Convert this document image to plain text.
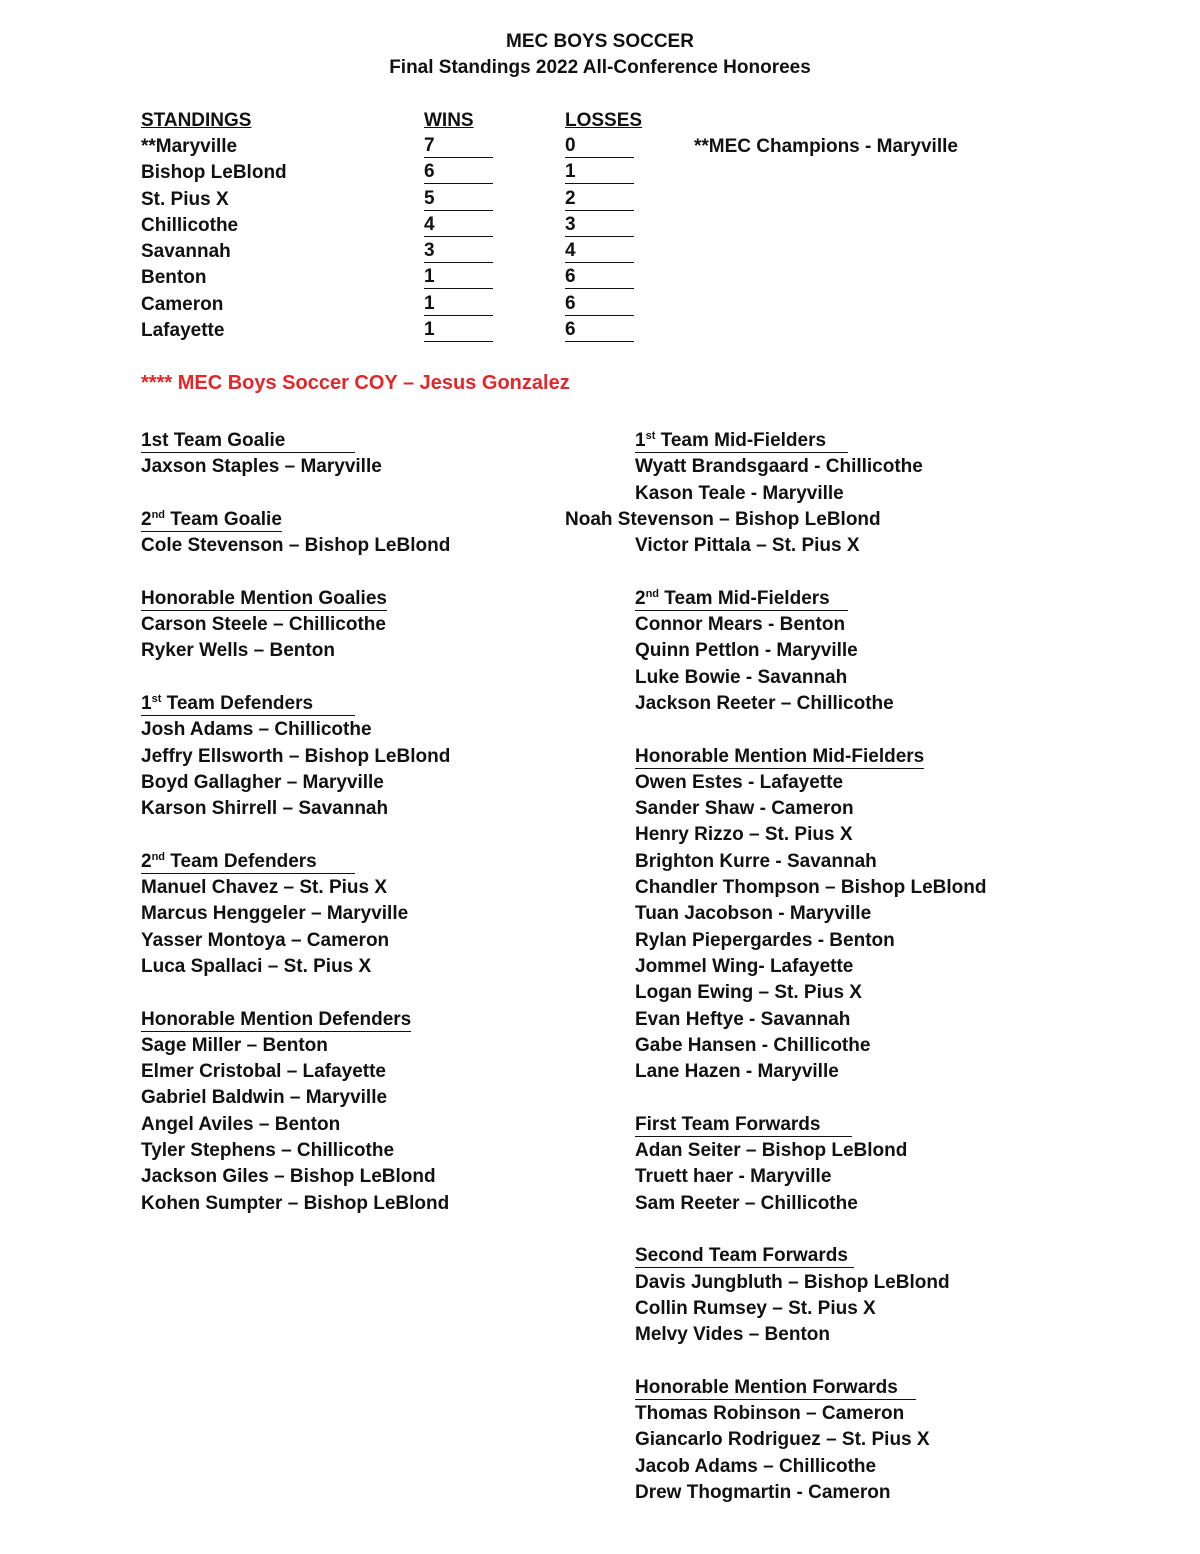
MEC BOYS SOCCER
Final Standings 2022 All-Conference Honorees
STANDINGS	WINS	LOSSES
**MEC Champions - Maryville
**Maryville	7	0
Bishop LeBlond	6	1
St. Pius X	5	2
Chillicothe	4	3
Savannah	3	4
Benton	1	6
Cameron	1	6
Lafayette	1	6
**** MEC Boys Soccer COY – Jesus Gonzalez
1st Team Goalie
Jaxson Staples – Maryville
2nd Team Goalie
Cole Stevenson – Bishop LeBlond
Honorable Mention Goalies
Carson Steele – Chillicothe
Ryker Wells – Benton
1st Team Defenders
Josh Adams – Chillicothe
Jeffry Ellsworth – Bishop LeBlond
Boyd Gallagher – Maryville
Karson Shirrell – Savannah
2nd Team Defenders
Manuel Chavez – St. Pius X
Marcus Henggeler – Maryville
Yasser Montoya – Cameron
Luca Spallaci – St. Pius X
Honorable Mention Defenders
Sage Miller – Benton
Elmer Cristobal – Lafayette
Gabriel Baldwin – Maryville
Angel Aviles – Benton
Tyler Stephens – Chillicothe
Jackson Giles – Bishop LeBlond
Kohen Sumpter – Bishop LeBlond
1st Team Mid-Fielders
Wyatt Brandsgaard - Chillicothe
Kason Teale - Maryville
Noah Stevenson – Bishop LeBlond
Victor Pittala – St. Pius X
2nd Team Mid-Fielders
Connor Mears - Benton
Quinn Pettlon - Maryville
Luke Bowie - Savannah
Jackson Reeter – Chillicothe
Honorable Mention Mid-Fielders
Owen Estes - Lafayette
Sander Shaw - Cameron
Henry Rizzo – St. Pius X
Brighton Kurre - Savannah
Chandler Thompson – Bishop LeBlond
Tuan Jacobson - Maryville
Rylan Piepergardes - Benton
Jommel Wing- Lafayette
Logan Ewing – St. Pius X
Evan Heftye - Savannah
Gabe Hansen - Chillicothe
Lane Hazen - Maryville
First Team Forwards
Adan Seiter – Bishop LeBlond
Truett haer - Maryville
Sam Reeter – Chillicothe
Second Team Forwards
Davis Jungbluth – Bishop LeBlond
Collin Rumsey – St. Pius X
Melvy Vides – Benton
Honorable Mention Forwards
Thomas Robinson – Cameron
Giancarlo Rodriguez – St. Pius X
Jacob Adams – Chillicothe
Drew Thogmartin - Cameron
